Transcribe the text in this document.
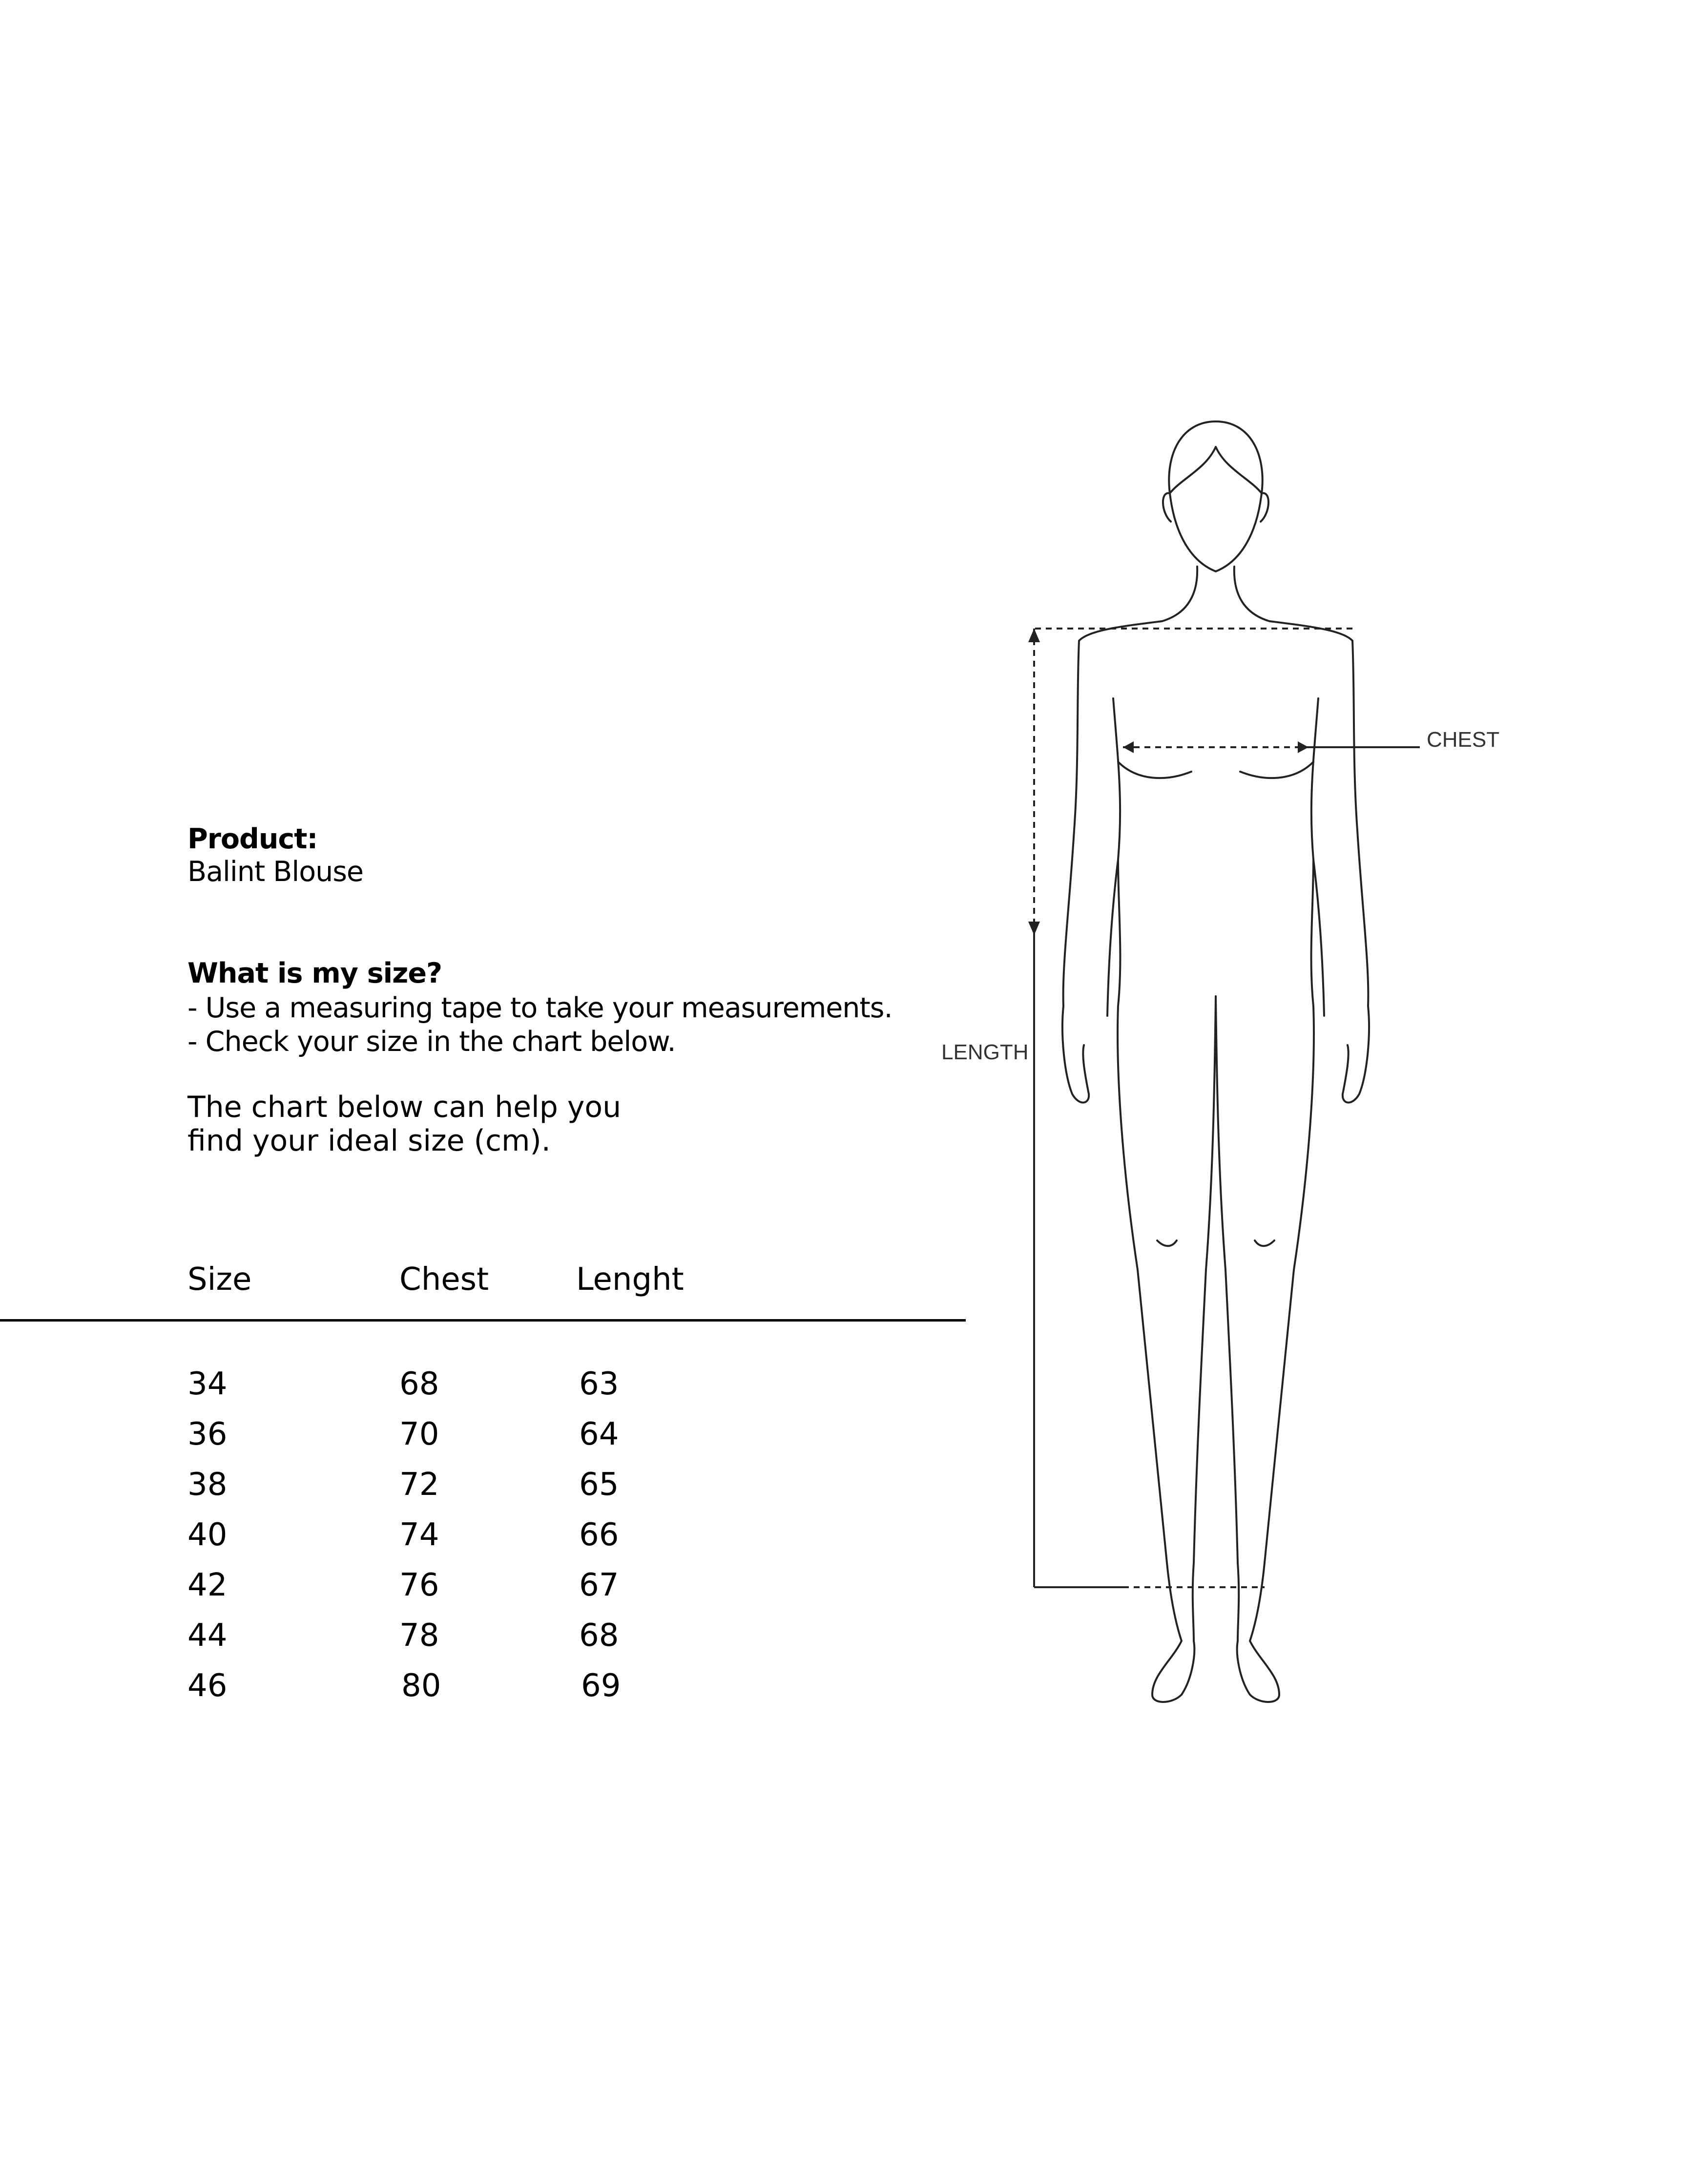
Product:
Balint Blouse
What is my size?
- Use a measuring tape to take your measurements.
- Check your size in the chart below.
The chart below can help you
find your ideal size (cm).
Size	Chest	Lenght
34	68	63
36	70	64
38	72	65
40	74	66
42	76	67
44	78	68
46	80	69
CHEST
LENGTH
